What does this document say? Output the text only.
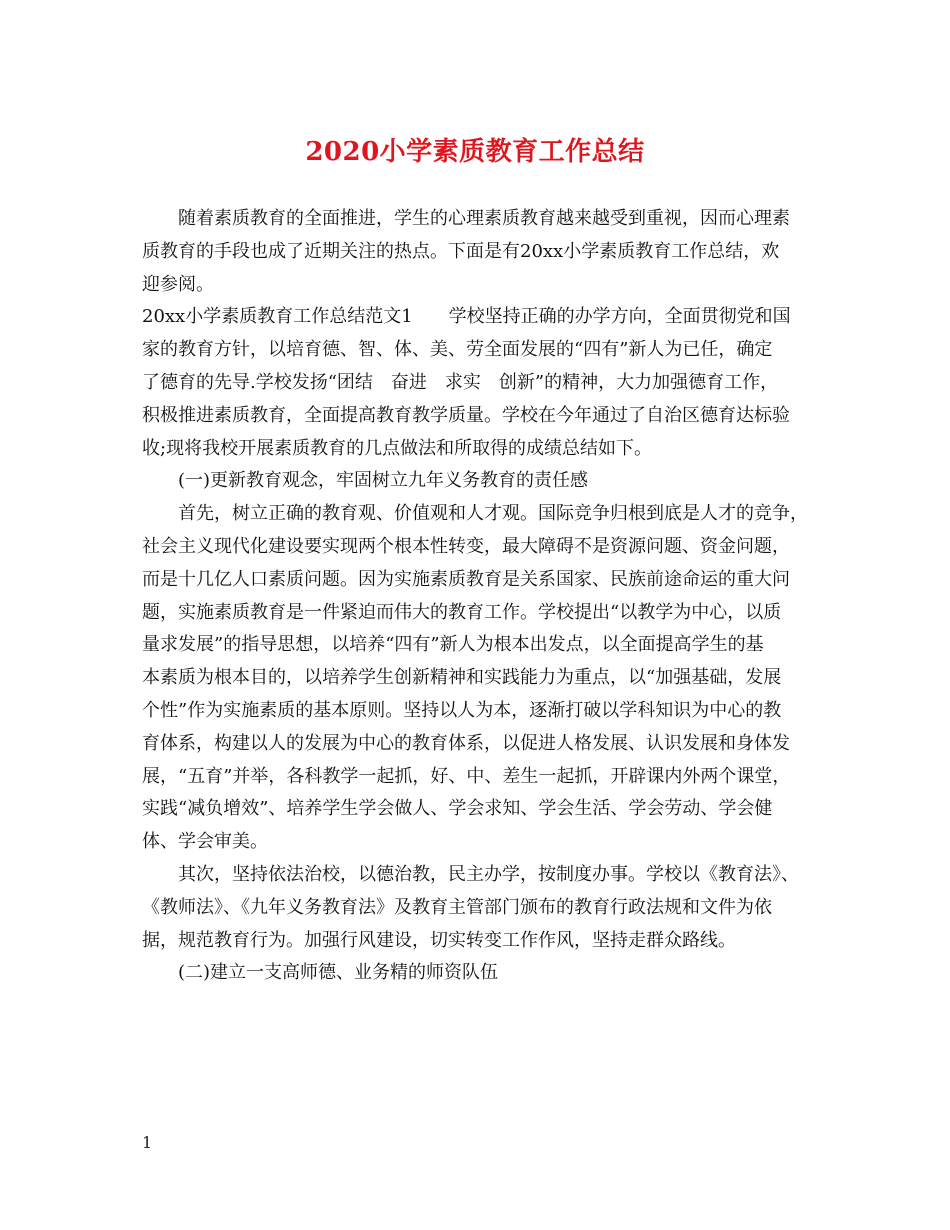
2020小学素质教育工作总结
随着素质教育的全面推进，学生的心理素质教育越来越受到重视，因而心理素
质教育的手段也成了近期关注的热点。下面是有20xx小学素质教育工作总结，欢
迎参阅。
20xx小学素质教育工作总结范文1　　学校坚持正确的办学方向，全面贯彻党和国
家的教育方针，以培育德、智、体、美、劳全面发展的“四有”新人为已任，确定
了德育的先导.学校发扬“团结　奋进　求实　创新”的精神，大力加强德育工作，
积极推进素质教育，全面提高教育教学质量。学校在今年通过了自治区德育达标验
收;现将我校开展素质教育的几点做法和所取得的成绩总结如下。
(一)更新教育观念，牢固树立九年义务教育的责任感
首先，树立正确的教育观、价值观和人才观。国际竞争归根到底是人才的竞争，
社会主义现代化建设要实现两个根本性转变，最大障碍不是资源问题、资金问题，
而是十几亿人口素质问题。因为实施素质教育是关系国家、民族前途命运的重大问
题，实施素质教育是一件紧迫而伟大的教育工作。学校提出“以教学为中心，以质
量求发展”的指导思想，以培养“四有”新人为根本出发点，以全面提高学生的基
本素质为根本目的，以培养学生创新精神和实践能力为重点，以“加强基础，发展
个性”作为实施素质的基本原则。坚持以人为本，逐渐打破以学科知识为中心的教
育体系，构建以人的发展为中心的教育体系，以促进人格发展、认识发展和身体发
展，“五育”并举，各科教学一起抓，好、中、差生一起抓，开辟课内外两个课堂，
实践“减负增效”、培养学生学会做人、学会求知、学会生活、学会劳动、学会健
体、学会审美。
其次，坚持依法治校，以德治教，民主办学，按制度办事。学校以《教育法》、
《教师法》、《九年义务教育法》及教育主管部门颁布的教育行政法规和文件为依
据，规范教育行为。加强行风建设，切实转变工作作风，坚持走群众路线。
(二)建立一支高师德、业务精的师资队伍
1
